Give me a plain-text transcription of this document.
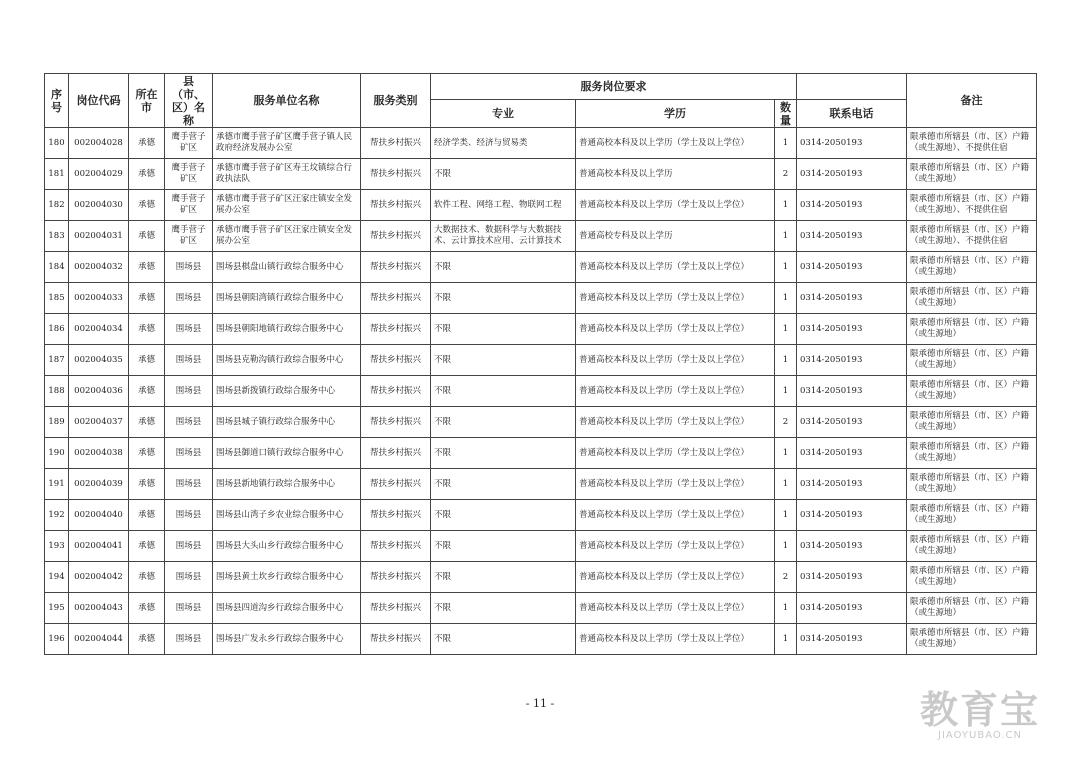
序号	岗位代码	所在市	县（市、区）名称	服务单位名称	服务类别	服务岗位要求				备注
						专业	学历	数量	联系电话	
180	002004028	承德	鹰手营子矿区	承德市鹰手营子矿区鹰手营子镇人民政府经济发展办公室	帮扶乡村振兴	经济学类、经济与贸易类	普通高校本科及以上学历（学士及以上学位）	1	0314-2050193	限承德市所辖县（市、区）户籍（或生源地）、不提供住宿
181	002004029	承德	鹰手营子矿区	承德市鹰手营子矿区寿王坟镇综合行政执法队	帮扶乡村振兴	不限	普通高校本科及以上学历	2	0314-2050193	限承德市所辖县（市、区）户籍（或生源地）
182	002004030	承德	鹰手营子矿区	承德市鹰手营子矿区汪家庄镇安全发展办公室	帮扶乡村振兴	软件工程、网络工程、物联网工程	普通高校本科及以上学历（学士及以上学位）	1	0314-2050193	限承德市所辖县（市、区）户籍（或生源地）、不提供住宿
183	002004031	承德	鹰手营子矿区	承德市鹰手营子矿区汪家庄镇安全发展办公室	帮扶乡村振兴	大数据技术、数据科学与大数据技术、云计算技术应用、云计算技术	普通高校专科及以上学历	1	0314-2050193	限承德市所辖县（市、区）户籍（或生源地）、不提供住宿
184	002004032	承德	围场县	围场县棋盘山镇行政综合服务中心	帮扶乡村振兴	不限	普通高校本科及以上学历（学士及以上学位）	1	0314-2050193	限承德市所辖县（市、区）户籍（或生源地）
185	002004033	承德	围场县	围场县朝阳湾镇行政综合服务中心	帮扶乡村振兴	不限	普通高校本科及以上学历（学士及以上学位）	1	0314-2050193	限承德市所辖县（市、区）户籍（或生源地）
186	002004034	承德	围场县	围场县朝阳地镇行政综合服务中心	帮扶乡村振兴	不限	普通高校本科及以上学历（学士及以上学位）	1	0314-2050193	限承德市所辖县（市、区）户籍（或生源地）
187	002004035	承德	围场县	围场县克勒沟镇行政综合服务中心	帮扶乡村振兴	不限	普通高校本科及以上学历（学士及以上学位）	1	0314-2050193	限承德市所辖县（市、区）户籍（或生源地）
188	002004036	承德	围场县	围场县新拨镇行政综合服务中心	帮扶乡村振兴	不限	普通高校本科及以上学历（学士及以上学位）	1	0314-2050193	限承德市所辖县（市、区）户籍（或生源地）
189	002004037	承德	围场县	围场县城子镇行政综合服务中心	帮扶乡村振兴	不限	普通高校本科及以上学历（学士及以上学位）	2	0314-2050193	限承德市所辖县（市、区）户籍（或生源地）
190	002004038	承德	围场县	围场县御道口镇行政综合服务中心	帮扶乡村振兴	不限	普通高校本科及以上学历（学士及以上学位）	1	0314-2050193	限承德市所辖县（市、区）户籍（或生源地）
191	002004039	承德	围场县	围场县新地镇行政综合服务中心	帮扶乡村振兴	不限	普通高校本科及以上学历（学士及以上学位）	1	0314-2050193	限承德市所辖县（市、区）户籍（或生源地）
192	002004040	承德	围场县	围场县山湾子乡农业综合服务中心	帮扶乡村振兴	不限	普通高校本科及以上学历（学士及以上学位）	1	0314-2050193	限承德市所辖县（市、区）户籍（或生源地）
193	002004041	承德	围场县	围场县大头山乡行政综合服务中心	帮扶乡村振兴	不限	普通高校本科及以上学历（学士及以上学位）	1	0314-2050193	限承德市所辖县（市、区）户籍（或生源地）
194	002004042	承德	围场县	围场县黄土坎乡行政综合服务中心	帮扶乡村振兴	不限	普通高校本科及以上学历（学士及以上学位）	2	0314-2050193	限承德市所辖县（市、区）户籍（或生源地）
195	002004043	承德	围场县	围场县四道沟乡行政综合服务中心	帮扶乡村振兴	不限	普通高校本科及以上学历（学士及以上学位）	1	0314-2050193	限承德市所辖县（市、区）户籍（或生源地）
196	002004044	承德	围场县	围场县广发永乡行政综合服务中心	帮扶乡村振兴	不限	普通高校本科及以上学历（学士及以上学位）	1	0314-2050193	限承德市所辖县（市、区）户籍（或生源地）
- 11 -	教育宝
JIAOYUBAO.CN
